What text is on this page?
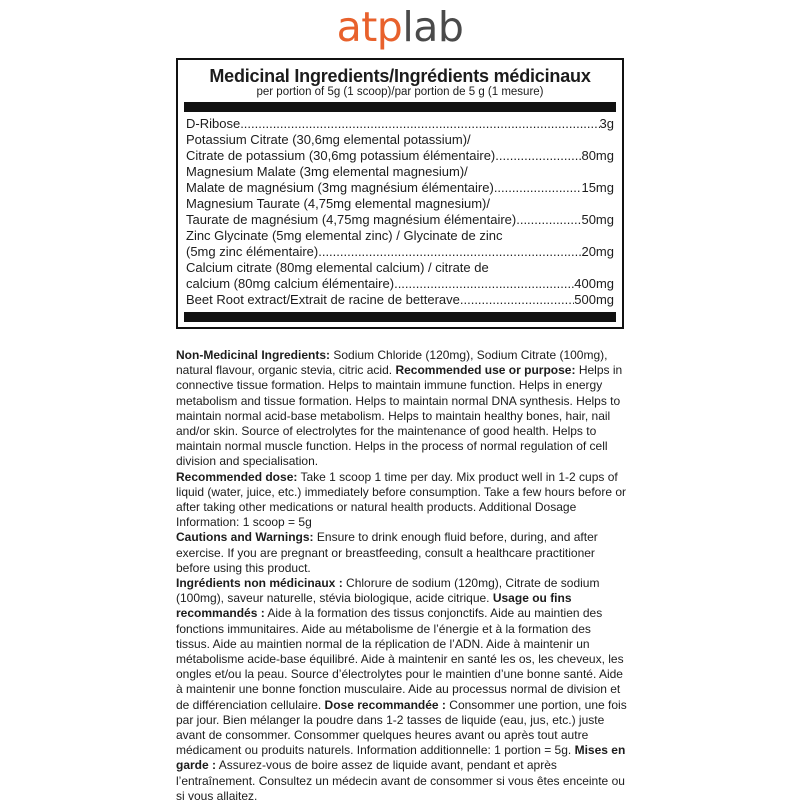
atplab
Medicinal Ingredients/Ingrédients médicinaux
per portion of 5g (1 scoop)/par portion de 5 g (1 mesure)
D-Ribose .....	3g
Potassium Citrate (30,6mg elemental potassium)/
Citrate de potassium (30,6mg potassium élémentaire) .....	80mg
Magnesium Malate (3mg elemental magnesium)/
Malate de magnésium (3mg magnésium élémentaire) .....	15mg
Magnesium Taurate (4,75mg elemental magnesium)/
Taurate de magnésium (4,75mg magnésium élémentaire) .....	50mg
Zinc Glycinate (5mg elemental zinc) / Glycinate de zinc
(5mg zinc élémentaire) .....	20mg
Calcium citrate (80mg elemental calcium) / citrate de
calcium (80mg calcium élémentaire) .....	400mg
Beet Root extract/Extrait de racine de betterave .....	500mg

Non-Medicinal Ingredients: Sodium Chloride (120mg), Sodium Citrate (100mg), natural flavour, organic stevia, citric acid. Recommended use or purpose: Helps in connective tissue formation. Helps to maintain immune function. Helps in energy metabolism and tissue formation. Helps to maintain normal DNA synthesis. Helps to maintain normal acid-base metabolism. Helps to maintain healthy bones, hair, nail and/or skin. Source of electrolytes for the maintenance of good health. Helps to maintain normal muscle function. Helps in the process of normal regulation of cell division and specialisation.

Recommended dose: Take 1 scoop 1 time per day. Mix product well in 1-2 cups of liquid (water, juice, etc.) immediately before consumption. Take a few hours before or after taking other medications or natural health products. Additional Dosage Information: 1 scoop = 5g

Cautions and Warnings: Ensure to drink enough fluid before, during, and after exercise. If you are pregnant or breastfeeding, consult a healthcare practitioner before using this product.

Ingrédients non médicinaux : Chlorure de sodium (120mg), Citrate de sodium (100mg), saveur naturelle, stévia biologique, acide citrique. Usage ou fins recommandés : Aide à la formation des tissus conjonctifs. Aide au maintien des fonctions immunitaires. Aide au métabolisme de l’énergie et à la formation des tissus. Aide au maintien normal de la réplication de l’ADN. Aide à maintenir un métabolisme acide-base équilibré. Aide à maintenir en santé les os, les cheveux, les ongles et/ou la peau. Source d’électrolytes pour le maintien d’une bonne santé. Aide à maintenir une bonne fonction musculaire. Aide au processus normal de division et de différenciation cellulaire. Dose recommandée : Consommer une portion, une fois par jour. Bien mélanger la poudre dans 1-2 tasses de liquide (eau, jus, etc.) juste avant de consommer. Consommer quelques heures avant ou après tout autre médicament ou produits naturels. Information additionnelle: 1 portion = 5g. Mises en garde : Assurez-vous de boire assez de liquide avant, pendant et après l’entraînement. Consultez un médecin avant de consommer si vous êtes enceinte ou si vous allaitez.
